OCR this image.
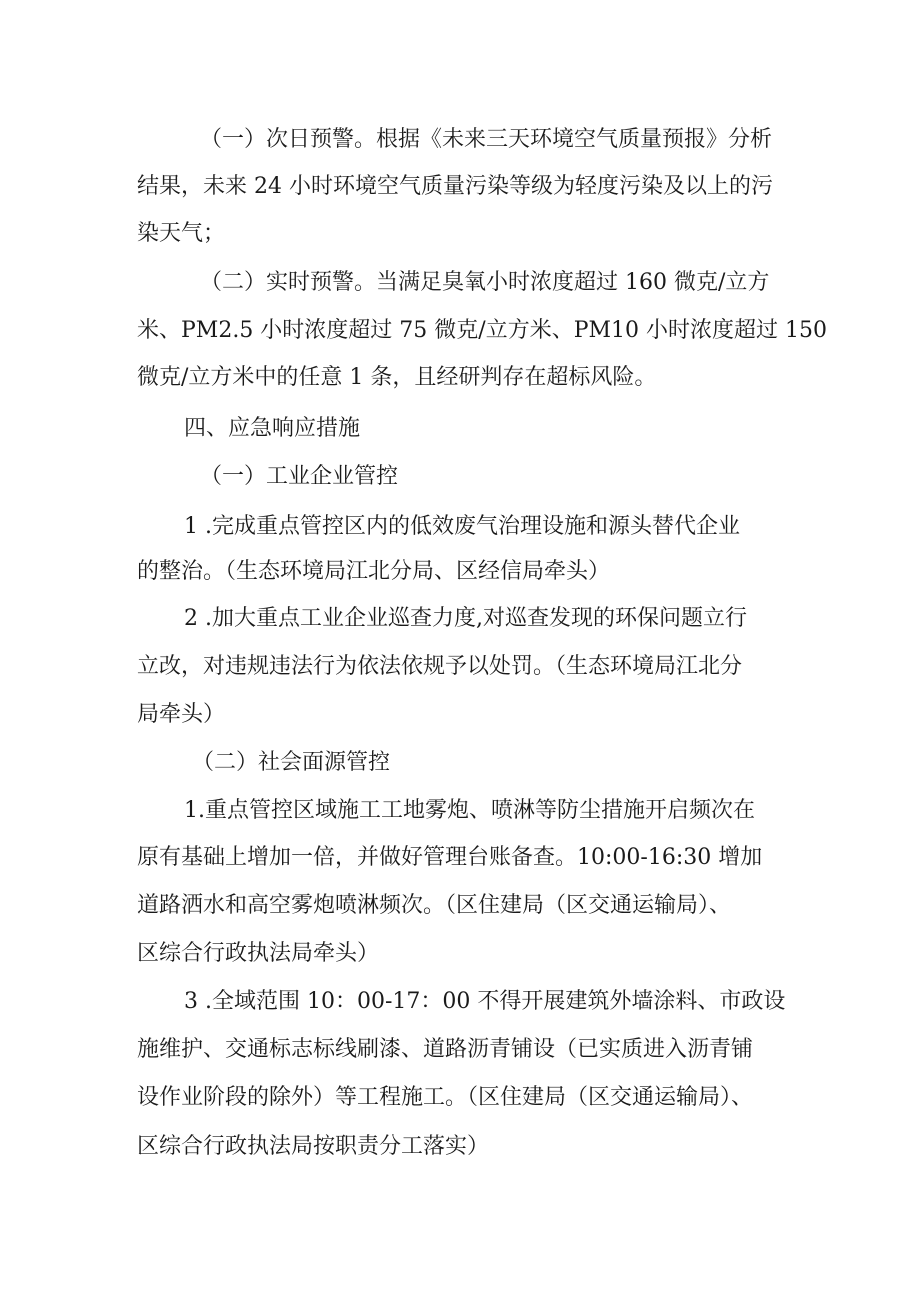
（一）次日预警。根据《未来三天环境空气质量预报》分析

结果，未来 24 小时环境空气质量污染等级为轻度污染及以上的污

染天气；

（二）实时预警。当满足臭氧小时浓度超过 160 微克/立方

米、PM2.5 小时浓度超过 75 微克/立方米、PM10 小时浓度超过 150

微克/立方米中的任意 1 条，且经研判存在超标风险。

四、应急响应措施

（一）工业企业管控

1 .完成重点管控区内的低效废气治理设施和源头替代企业

的整治。（生态环境局江北分局、区经信局牵头）

2 .加大重点工业企业巡查力度,对巡查发现的环保问题立行

立改，对违规违法行为依法依规予以处罚。（生态环境局江北分

局牵头）

（二）社会面源管控

1.重点管控区域施工工地雾炮、喷淋等防尘措施开启频次在

原有基础上增加一倍，并做好管理台账备查。10:00-16:30 增加

道路洒水和高空雾炮喷淋频次。（区住建局（区交通运输局）、

区综合行政执法局牵头）

3 .全域范围 10：00-17：00 不得开展建筑外墙涂料、市政设

施维护、交通标志标线刷漆、道路沥青铺设（已实质进入沥青铺

设作业阶段的除外）等工程施工。（区住建局（区交通运输局）、

区综合行政执法局按职责分工落实）
